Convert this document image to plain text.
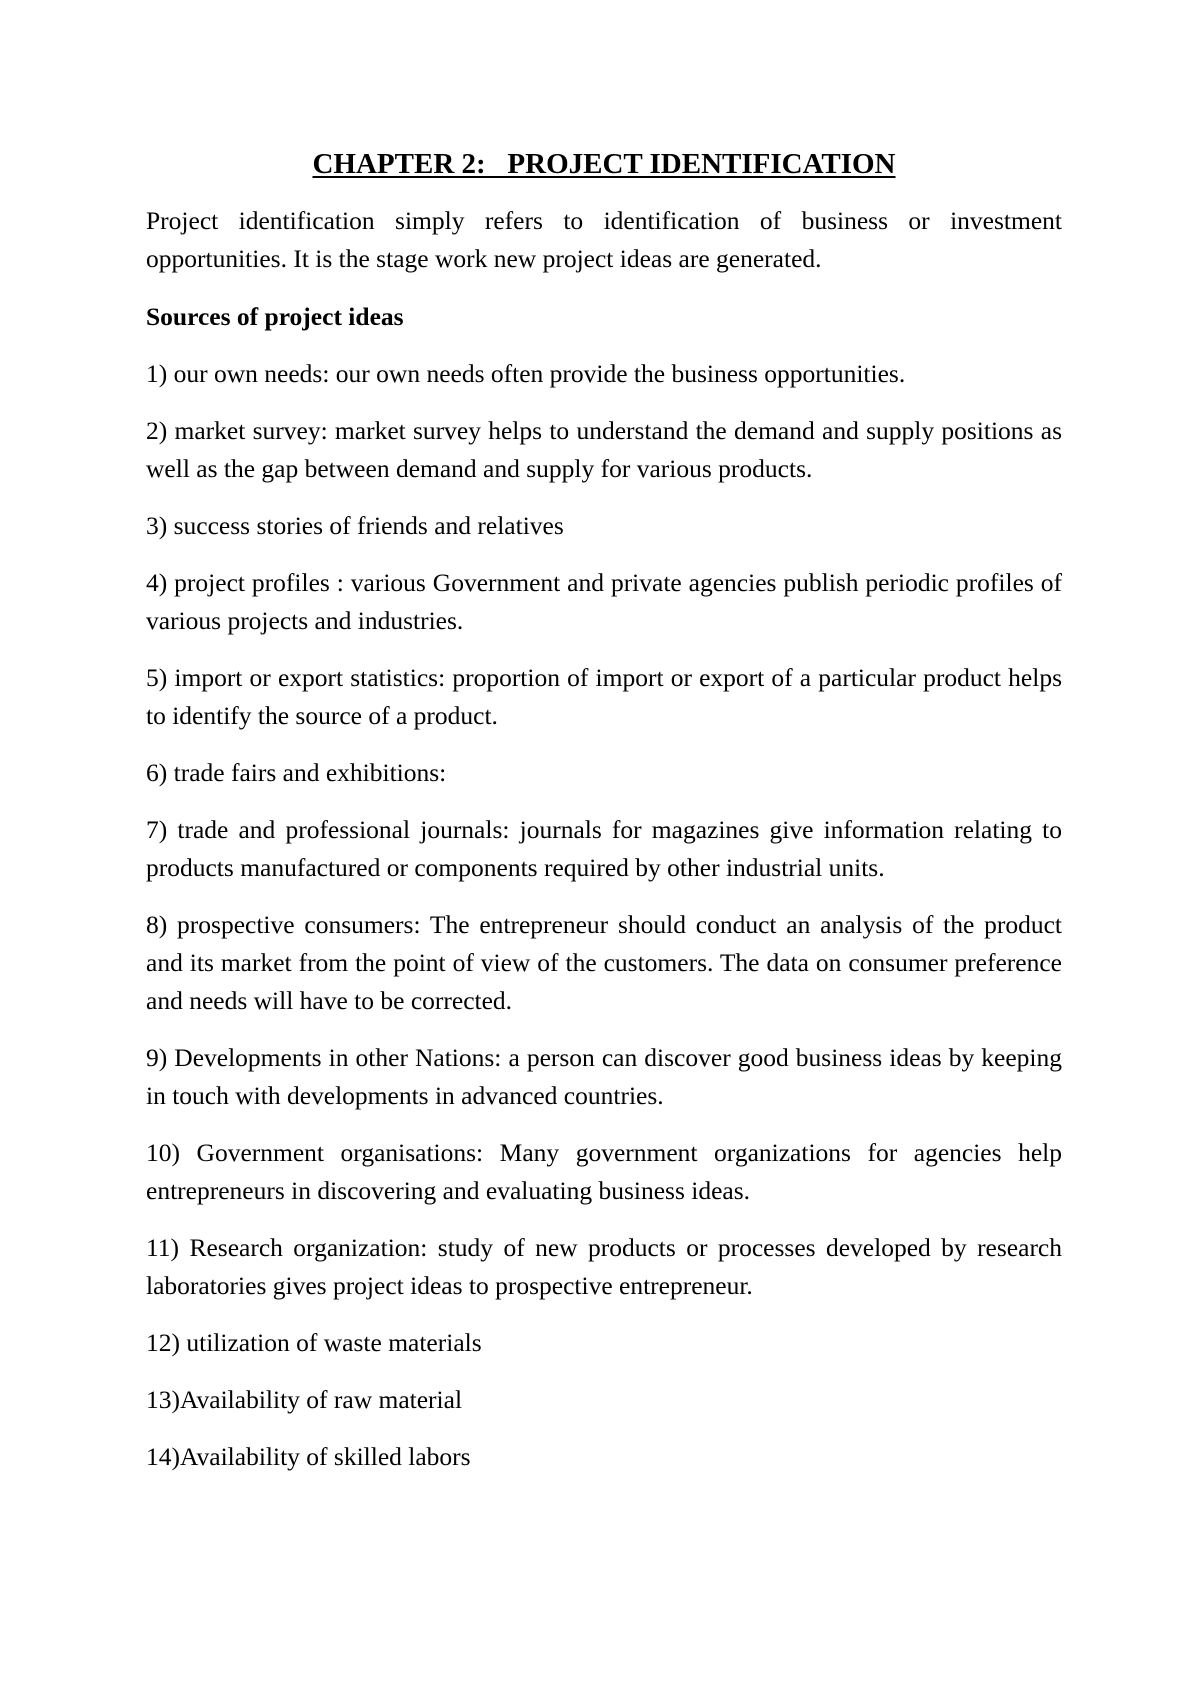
CHAPTER 2:   PROJECT IDENTIFICATION

Project identification simply refers to identification of business or investment opportunities. It is the stage work new project ideas are generated.

Sources of project ideas

1) our own needs: our own needs often provide the business opportunities.

2) market survey: market survey helps to understand the demand and supply positions as well as the gap between demand and supply for various products.

3) success stories of friends and relatives

4) project profiles : various Government and private agencies publish periodic profiles of various projects and industries.

5) import or export statistics: proportion of import or export of a particular product helps to identify the source of a product.

6) trade fairs and exhibitions:

7) trade and professional journals: journals for magazines give information relating to products manufactured or components required by other industrial units.

8) prospective consumers: The entrepreneur should conduct an analysis of the product and its market from the point of view of the customers. The data on consumer preference and needs will have to be corrected.

9) Developments in other Nations: a person can discover good business ideas by keeping in touch with developments in advanced countries.

10) Government organisations: Many government organizations for agencies help entrepreneurs in discovering and evaluating business ideas.

11) Research organization: study of new products or processes developed by research laboratories gives project ideas to prospective entrepreneur.

12) utilization of waste materials

13)Availability of raw material

14)Availability of skilled labors
